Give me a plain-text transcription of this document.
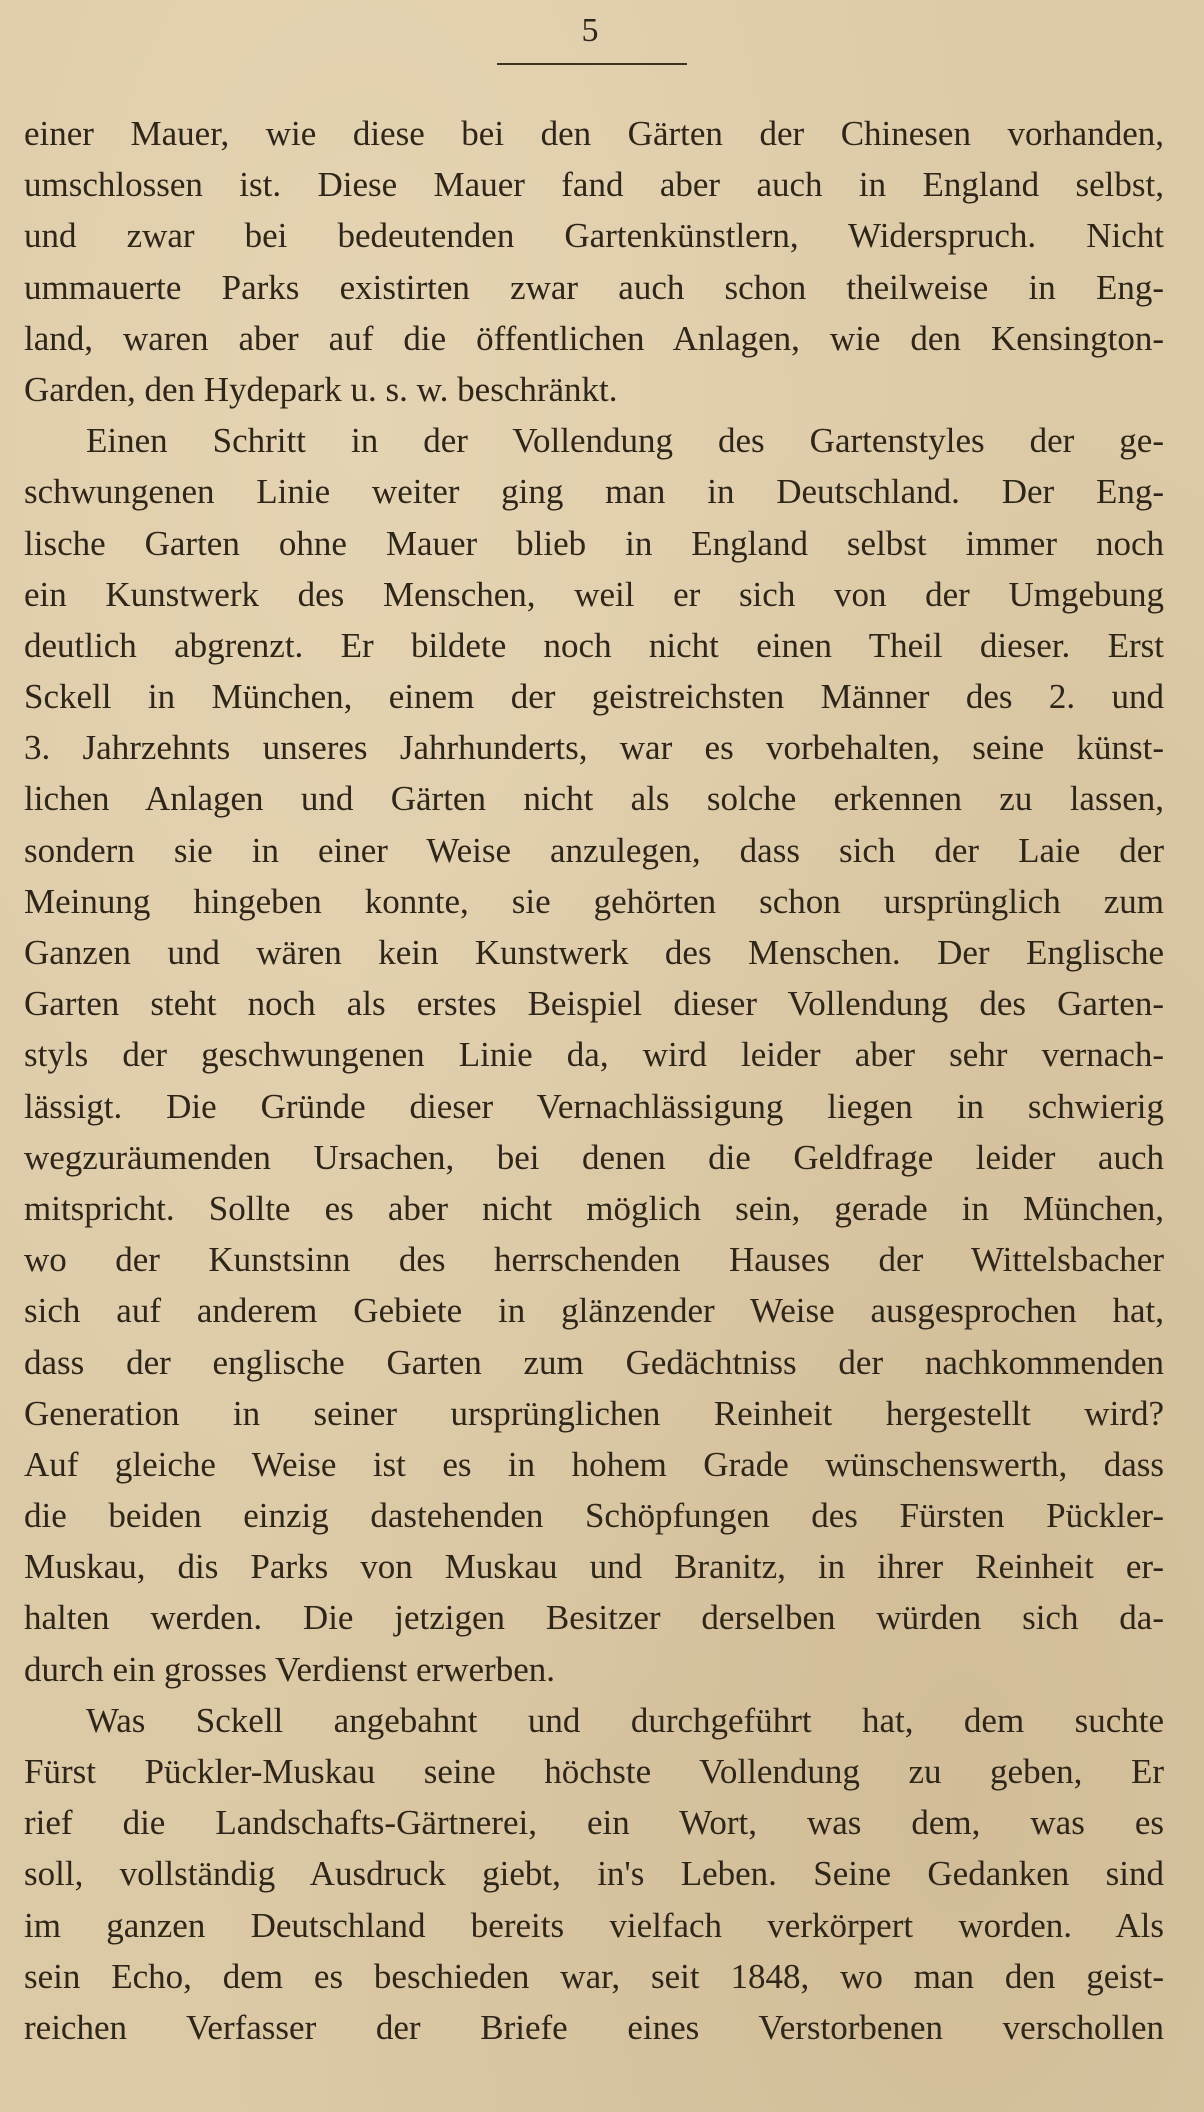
5
einer Mauer, wie diese bei den Gärten der Chinesen vorhanden,
umschlossen ist. Diese Mauer fand aber auch in England selbst,
und zwar bei bedeutenden Gartenkünstlern, Widerspruch. Nicht
ummauerte Parks existirten zwar auch schon theilweise in Eng-
land, waren aber auf die öffentlichen Anlagen, wie den Kensington-
Garden, den Hydepark u. s. w. beschränkt.
Einen Schritt in der Vollendung des Gartenstyles der ge-
schwungenen Linie weiter ging man in Deutschland. Der Eng-
lische Garten ohne Mauer blieb in England selbst immer noch
ein Kunstwerk des Menschen, weil er sich von der Umgebung
deutlich abgrenzt. Er bildete noch nicht einen Theil dieser. Erst
Sckell in München, einem der geistreichsten Männer des 2. und
3. Jahrzehnts unseres Jahrhunderts, war es vorbehalten, seine künst-
lichen Anlagen und Gärten nicht als solche erkennen zu lassen,
sondern sie in einer Weise anzulegen, dass sich der Laie der
Meinung hingeben konnte, sie gehörten schon ursprünglich zum
Ganzen und wären kein Kunstwerk des Menschen. Der Englische
Garten steht noch als erstes Beispiel dieser Vollendung des Garten-
styls der geschwungenen Linie da, wird leider aber sehr vernach-
lässigt. Die Gründe dieser Vernachlässigung liegen in schwierig
wegzuräumenden Ursachen, bei denen die Geldfrage leider auch
mitspricht. Sollte es aber nicht möglich sein, gerade in München,
wo der Kunstsinn des herrschenden Hauses der Wittelsbacher
sich auf anderem Gebiete in glänzender Weise ausgesprochen hat,
dass der englische Garten zum Gedächtniss der nachkommenden
Generation in seiner ursprünglichen Reinheit hergestellt wird?
Auf gleiche Weise ist es in hohem Grade wünschenswerth, dass
die beiden einzig dastehenden Schöpfungen des Fürsten Pückler-
Muskau, dis Parks von Muskau und Branitz, in ihrer Reinheit er-
halten werden. Die jetzigen Besitzer derselben würden sich da-
durch ein grosses Verdienst erwerben.
Was Sckell angebahnt und durchgeführt hat, dem suchte
Fürst Pückler-Muskau seine höchste Vollendung zu geben, Er
rief die Landschafts-Gärtnerei, ein Wort, was dem, was es
soll, vollständig Ausdruck giebt, in's Leben. Seine Gedanken sind
im ganzen Deutschland bereits vielfach verkörpert worden. Als
sein Echo, dem es beschieden war, seit 1848, wo man den geist-
reichen Verfasser der Briefe eines Verstorbenen verschollen
